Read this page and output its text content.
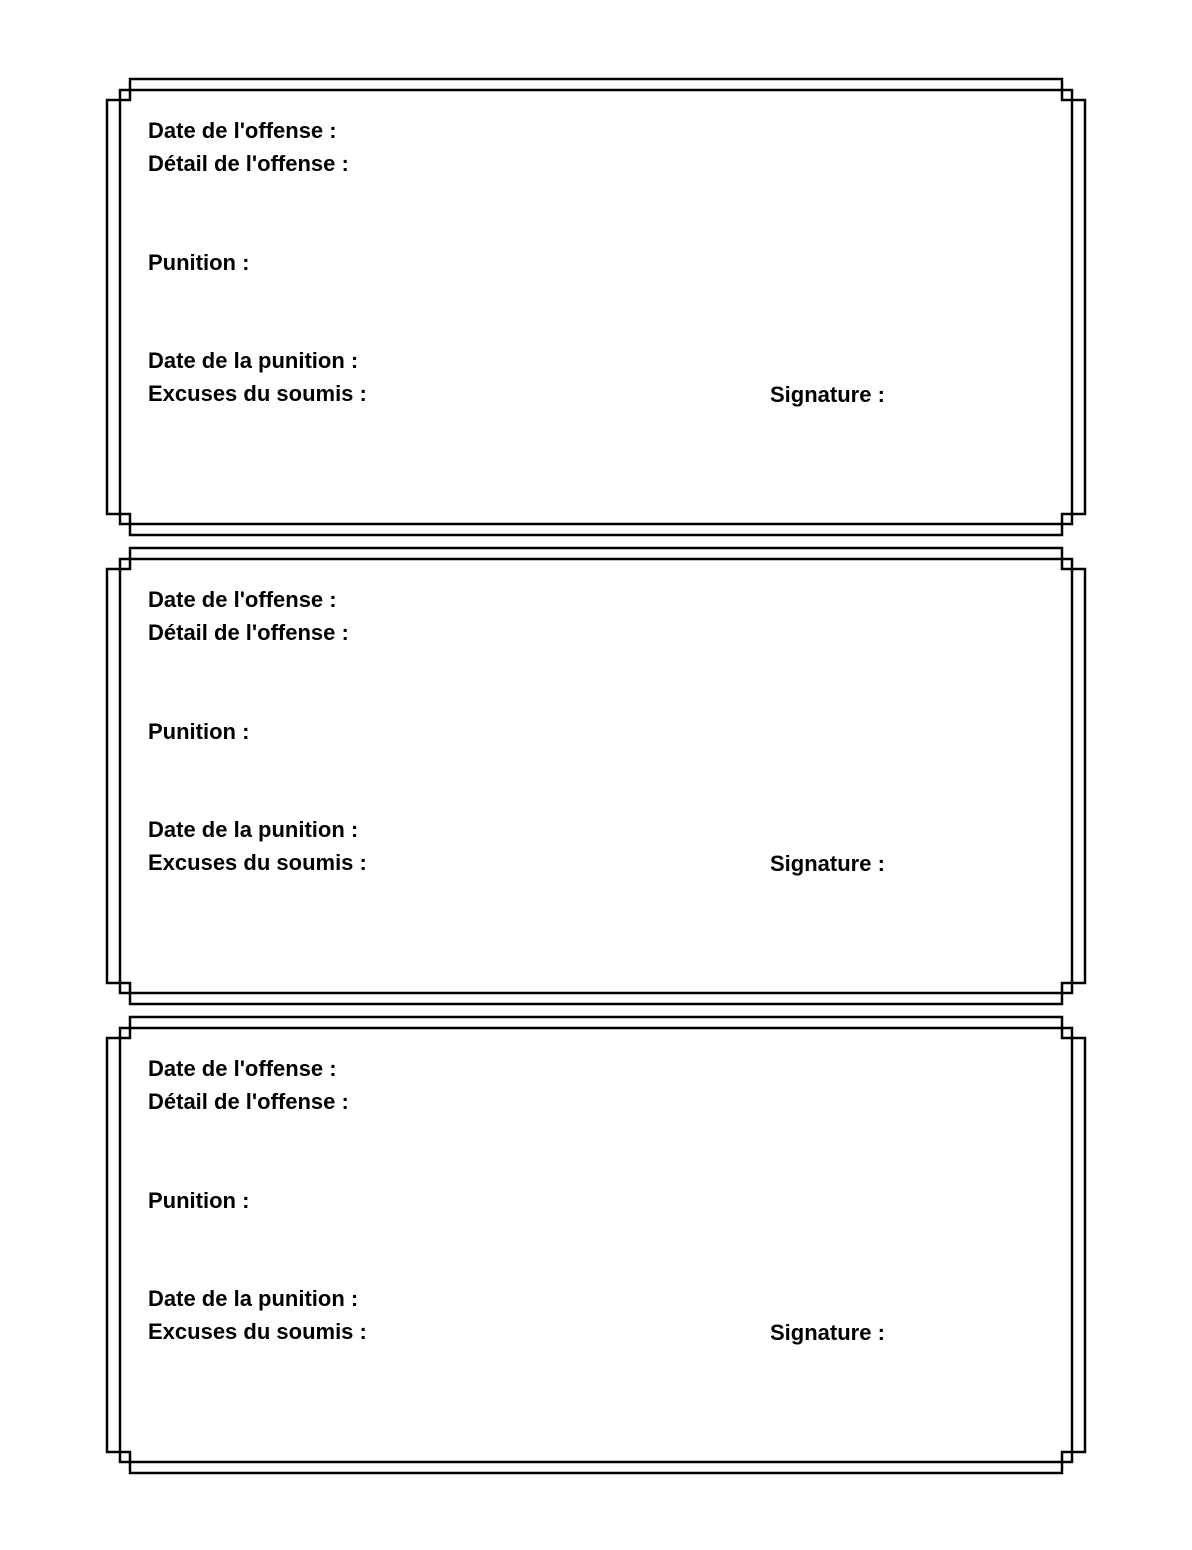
Date de l'offense :
Détail de l'offense :
Punition :
Date de la punition :
Excuses du soumis :	Signature :
Date de l'offense :
Détail de l'offense :
Punition :
Date de la punition :
Excuses du soumis :	Signature :
Date de l'offense :
Détail de l'offense :
Punition :
Date de la punition :
Excuses du soumis :	Signature :
